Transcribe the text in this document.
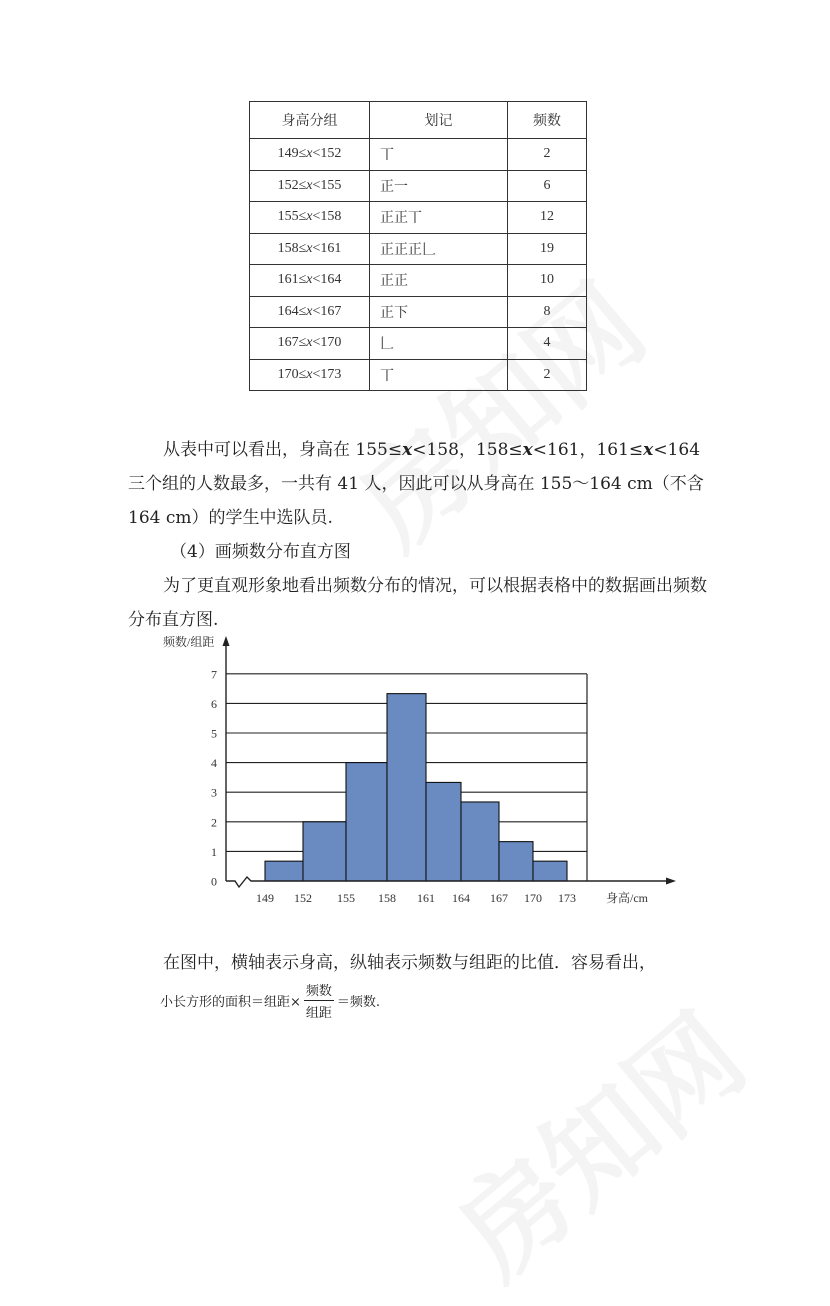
身高分组	划记	频数
149≤x<152	丅	2
152≤x<155	正一	6
155≤x<158	正正丅	12
158≤x<161	正正正𠃊	19
161≤x<164	正正	10
164≤x<167	正下	8
167≤x<170	𠃊	4
170≤x<173	丅	2
从表中可以看出，身高在 155≤x<158，158≤x<161，161≤x<164
三个组的人数最多，一共有 41 人，因此可以从身高在 155～164 cm（不含
164 cm）的学生中选队员.
（4）画频数分布直方图
为了更直观形象地看出频数分布的情况，可以根据表格中的数据画出频数
分布直方图.
0
1
2
3
4
5
6
7
149 152 155 158 161 164 167 170 173
频数/组距
身高/cm
在图中，横轴表示身高，纵轴表示频数与组距的比值．容易看出，
小长方形的面积＝组距× $\frac{\text{频数}}{\text{组距}}$ ＝频数.
